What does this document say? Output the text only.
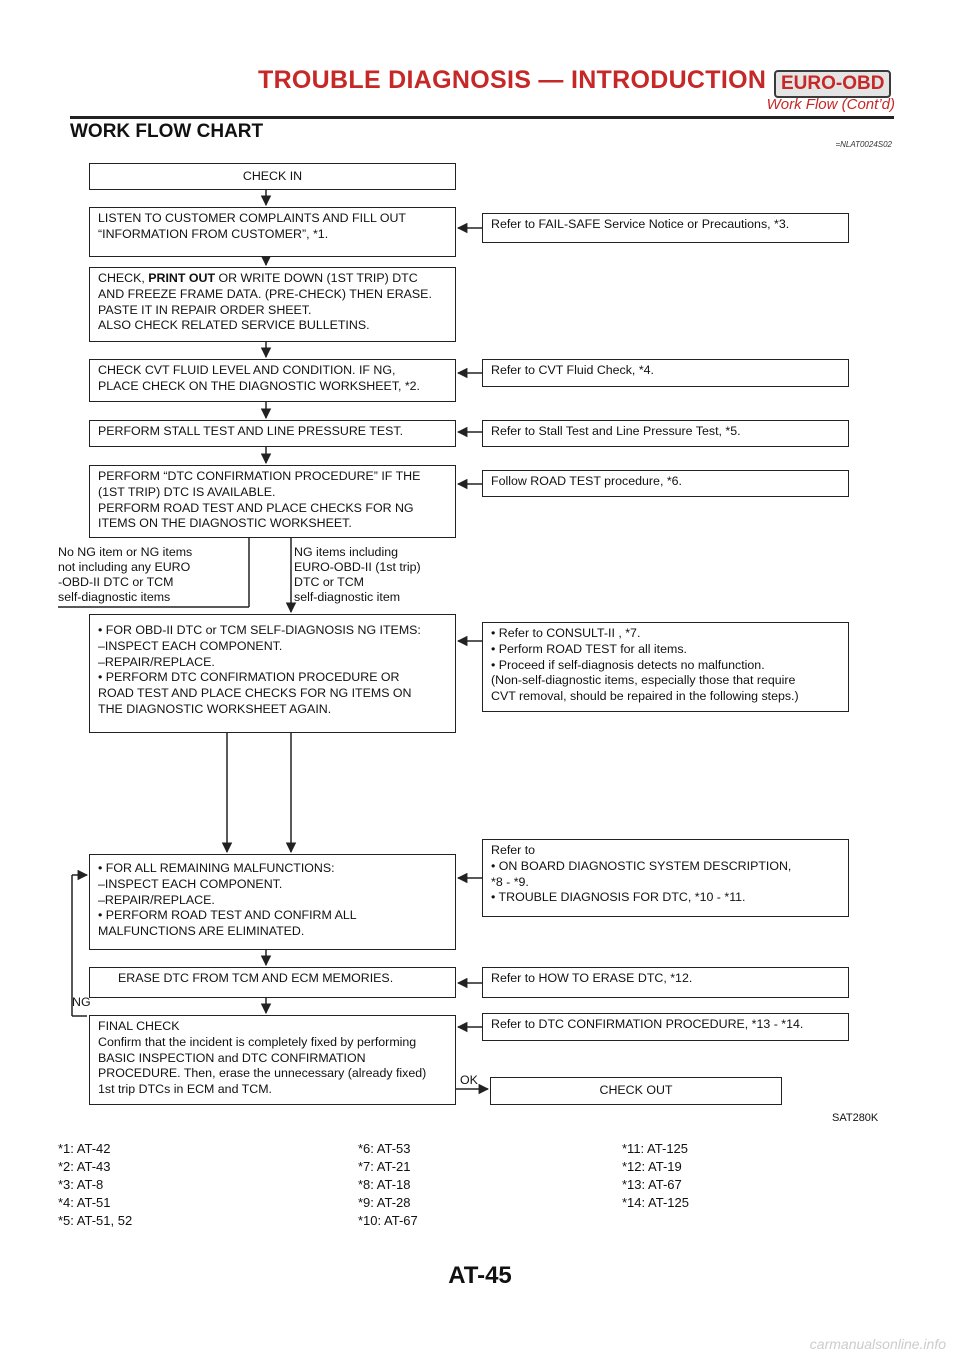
TROUBLE DIAGNOSIS — INTRODUCTION EURO-OBD
Work Flow (Cont’d)
WORK FLOW CHART
=NLAT0024S02
CHECK IN
LISTEN TO CUSTOMER COMPLAINTS AND FILL OUT
“INFORMATION FROM CUSTOMER”, *1.
Refer to FAIL-SAFE Service Notice or Precautions, *3.
CHECK, PRINT OUT OR WRITE DOWN (1ST TRIP) DTC
AND FREEZE FRAME DATA. (PRE-CHECK) THEN ERASE.
PASTE IT IN REPAIR ORDER SHEET.
ALSO CHECK RELATED SERVICE BULLETINS.
CHECK CVT FLUID LEVEL AND CONDITION. IF NG,
PLACE CHECK ON THE DIAGNOSTIC WORKSHEET, *2.
Refer to CVT Fluid Check, *4.
PERFORM STALL TEST AND LINE PRESSURE TEST.	Refer to Stall Test and Line Pressure Test, *5.
PERFORM “DTC CONFIRMATION PROCEDURE” IF THE
(1ST TRIP) DTC IS AVAILABLE.
PERFORM ROAD TEST AND PLACE CHECKS FOR NG
ITEMS ON THE DIAGNOSTIC WORKSHEET.
Follow ROAD TEST procedure, *6.
No NG item or NG items
not including any EURO
-OBD-II DTC or TCM
self-diagnostic items
NG items including
EURO-OBD-II (1st trip)
DTC or TCM
self-diagnostic item
• FOR OBD-II DTC or TCM SELF-DIAGNOSIS NG ITEMS:
–INSPECT EACH COMPONENT.
–REPAIR/REPLACE.
• PERFORM DTC CONFIRMATION PROCEDURE OR
ROAD TEST AND PLACE CHECKS FOR NG ITEMS ON
THE DIAGNOSTIC WORKSHEET AGAIN.
• Refer to CONSULT-II , *7.
• Perform ROAD TEST for all items.
• Proceed if self-diagnosis detects no malfunction.
(Non-self-diagnostic items, especially those that require
CVT removal, should be repaired in the following steps.)
• FOR ALL REMAINING MALFUNCTIONS:
–INSPECT EACH COMPONENT.
–REPAIR/REPLACE.
• PERFORM ROAD TEST AND CONFIRM ALL
MALFUNCTIONS ARE ELIMINATED.
Refer to
• ON BOARD DIAGNOSTIC SYSTEM DESCRIPTION,
*8 - *9.
• TROUBLE DIAGNOSIS FOR DTC, *10 - *11.
ERASE DTC FROM TCM AND ECM MEMORIES.	Refer to HOW TO ERASE DTC, *12.
NG
FINAL CHECK
Confirm that the incident is completely fixed by performing
BASIC INSPECTION and DTC CONFIRMATION
PROCEDURE. Then, erase the unnecessary (already fixed)
1st trip DTCs in ECM and TCM.
Refer to DTC CONFIRMATION PROCEDURE, *13 - *14.
OK
CHECK OUT
SAT280K
*1: AT-42
*2: AT-43
*3: AT-8
*4: AT-51
*5: AT-51, 52
*6: AT-53
*7: AT-21
*8: AT-18
*9: AT-28
*10: AT-67
*11: AT-125
*12: AT-19
*13: AT-67
*14: AT-125
AT-45
carmanualsonline.info
